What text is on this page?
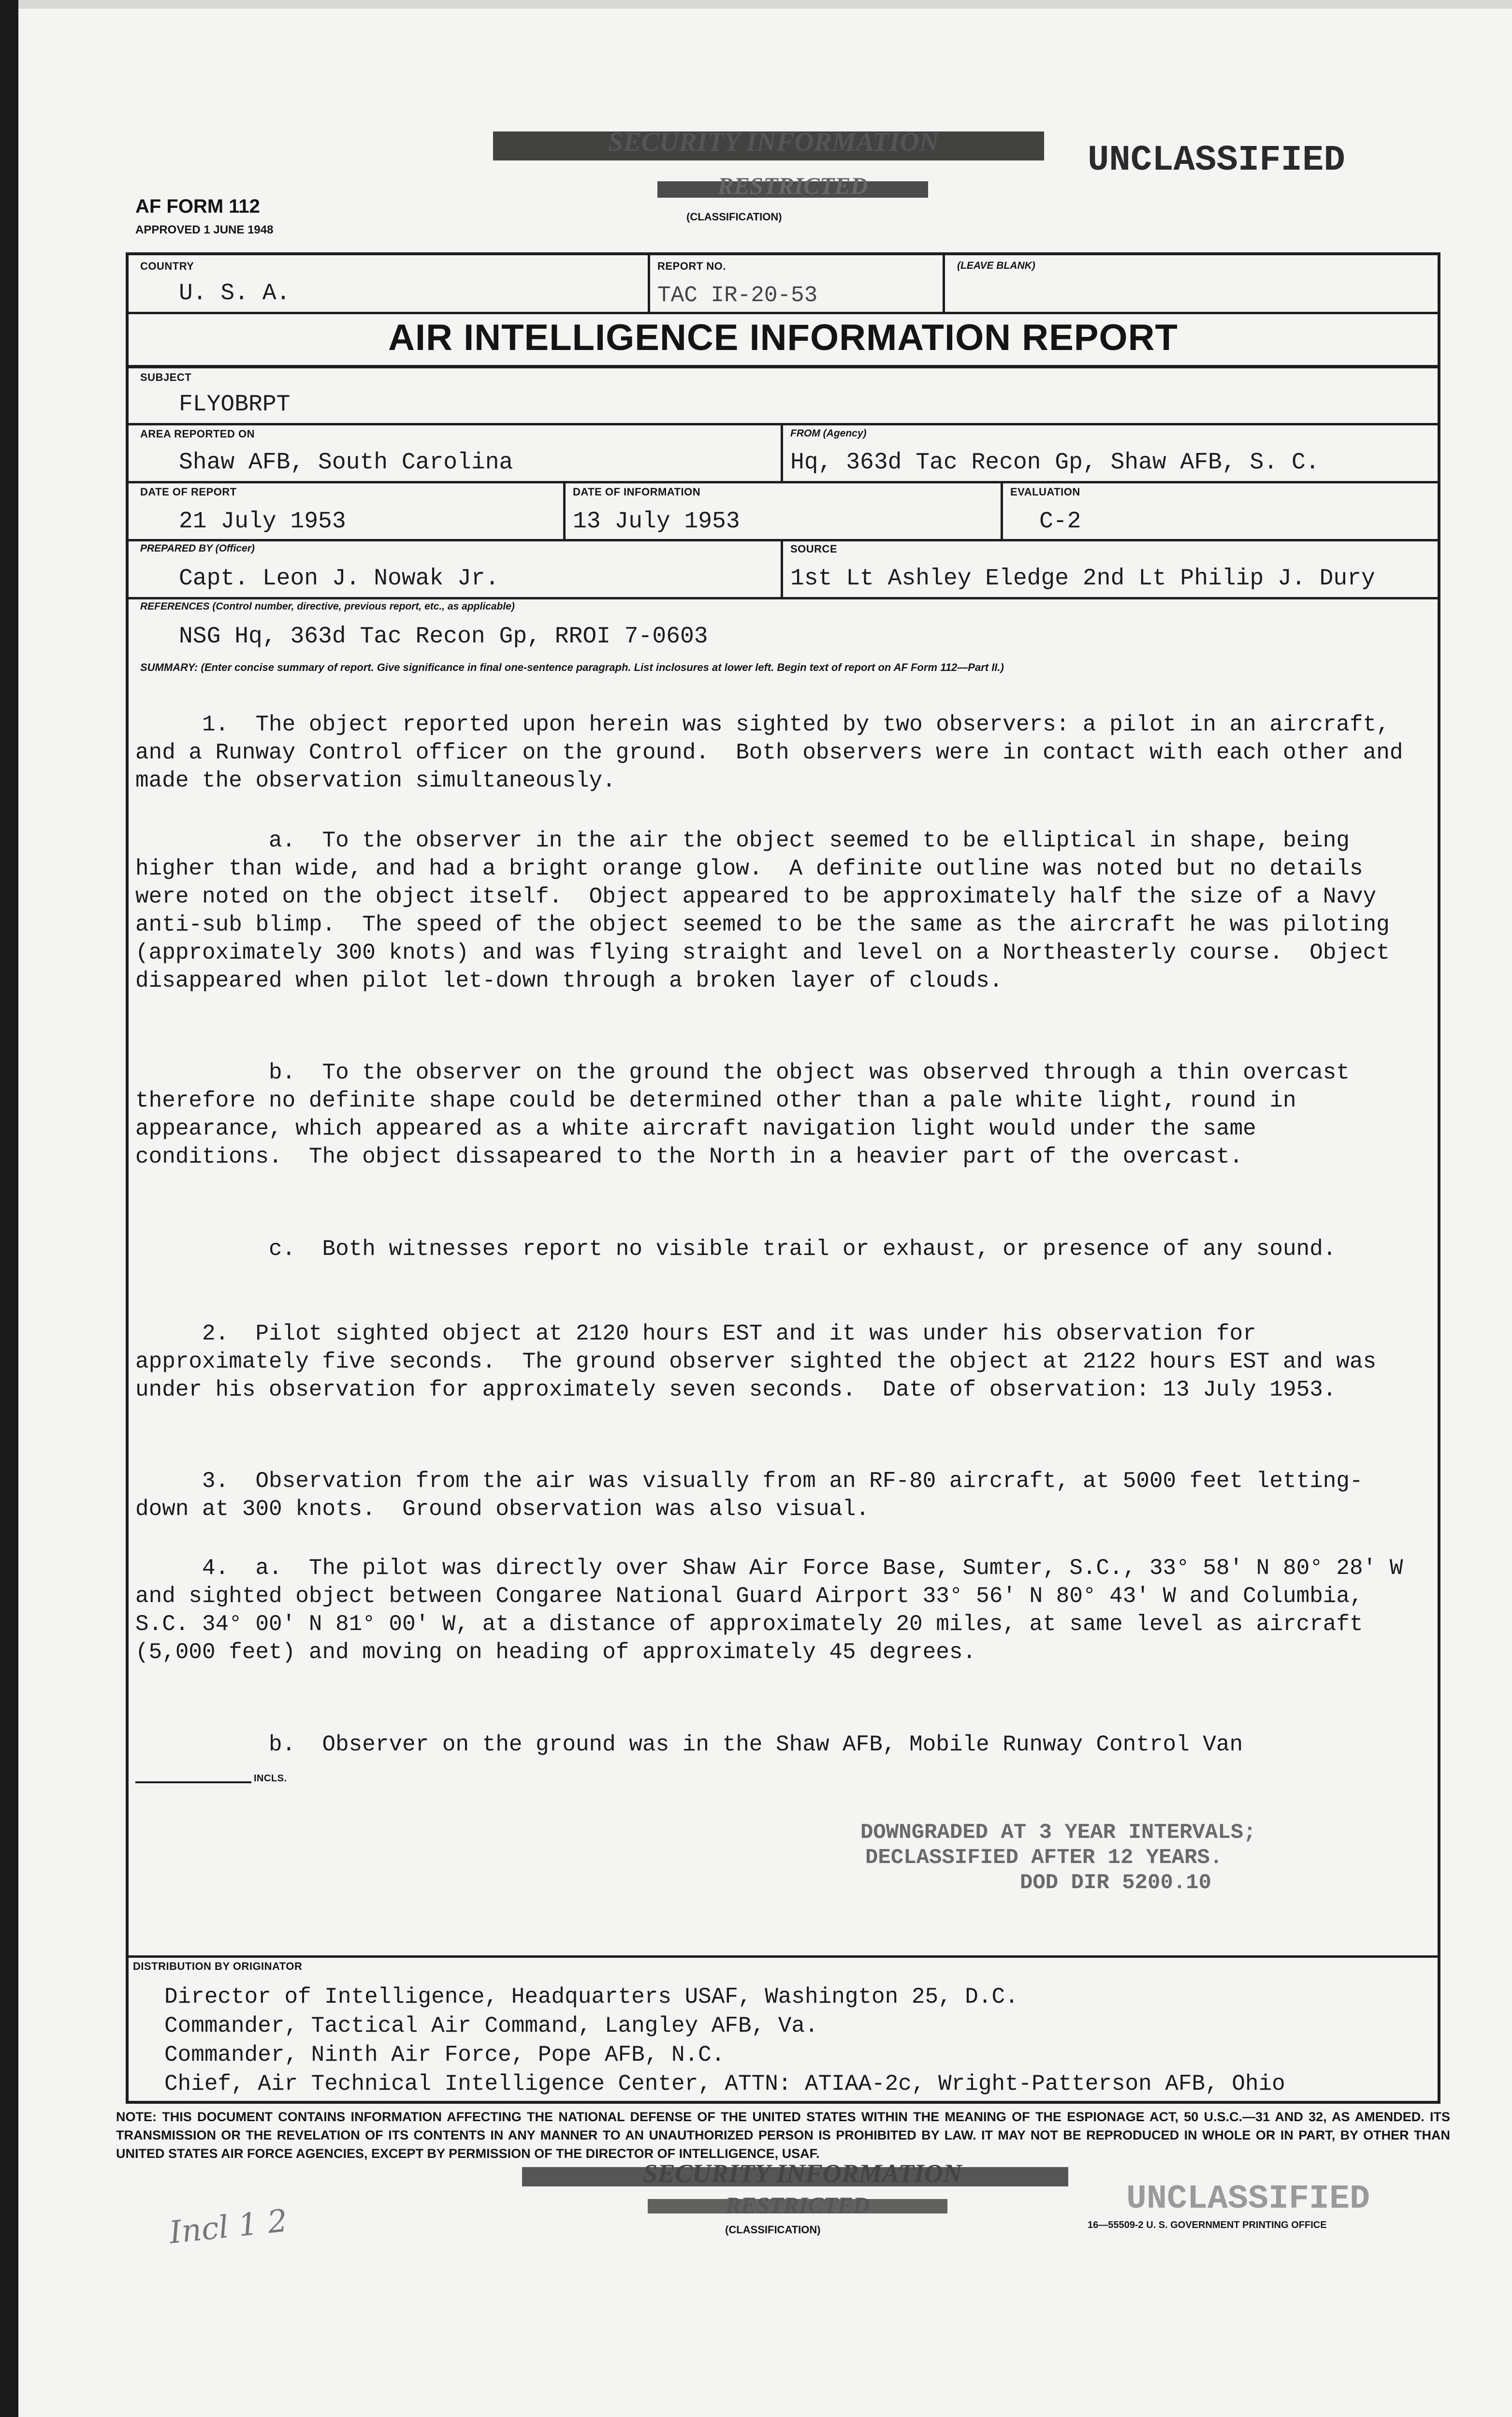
SECURITY INFORMATION
RESTRICTED
(CLASSIFICATION)
UNCLASSIFIED
AF FORM 112
APPROVED 1 JUNE 1948
COUNTRY
U. S. A.
REPORT NO.
TAC IR-20-53
(LEAVE BLANK)
AIR INTELLIGENCE INFORMATION REPORT
SUBJECT
FLYOBRPT
AREA REPORTED ON
Shaw AFB, South Carolina
FROM (Agency)
Hq, 363d Tac Recon Gp, Shaw AFB, S. C.
DATE OF REPORT
21 July 1953
DATE OF INFORMATION
13 July 1953
EVALUATION
C-2
PREPARED BY (Officer)
Capt. Leon J. Nowak Jr.
SOURCE
1st Lt Ashley Eledge 2nd Lt Philip J. Dury
REFERENCES (Control number, directive, previous report, etc., as applicable)
NSG Hq, 363d Tac Recon Gp, RROI 7-0603
SUMMARY: (Enter concise summary of report. Give significance in final one-sentence paragraph. List inclosures at lower left. Begin text of report on AF Form 112—Part II.)
1.  The object reported upon herein was sighted by two observers: a pilot in an aircraft, and a Runway Control officer on the ground.  Both observers were in contact with each other and made the observation simultaneously.
a.  To the observer in the air the object seemed to be elliptical in shape, being higher than wide, and had a bright orange glow.  A definite outline was noted but no details were noted on the object itself.  Object appeared to be approximately half the size of a Navy anti-sub blimp.  The speed of the object seemed to be the same as the aircraft he was piloting (approximately 300 knots) and was flying straight and level on a Northeasterly course.  Object disappeared when pilot let-down through a broken layer of clouds.
b.  To the observer on the ground the object was observed through a thin overcast therefore no definite shape could be determined other than a pale white light, round in appearance, which appeared as a white aircraft navigation light would under the same conditions.  The object dissapeared to the North in a heavier part of the overcast.
c.  Both witnesses report no visible trail or exhaust, or presence of any sound.
2.  Pilot sighted object at 2120 hours EST and it was under his observation for approximately five seconds.  The ground observer sighted the object at 2122 hours EST and was under his observation for approximately seven seconds.  Date of observation: 13 July 1953.
3.  Observation from the air was visually from an RF-80 aircraft, at 5000 feet letting-down at 300 knots.  Ground observation was also visual.
4.  a.  The pilot was directly over Shaw Air Force Base, Sumter, S.C., 33° 58' N 80° 28' W and sighted object between Congaree National Guard Airport 33° 56' N 80° 43' W and Columbia, S.C. 34° 00' N 81° 00' W, at a distance of approximately 20 miles, at same level as aircraft (5,000 feet) and moving on heading of approximately 45 degrees.
b.  Observer on the ground was in the Shaw AFB, Mobile Runway Control Van
INCLS.
DOWNGRADED AT 3 YEAR INTERVALS;
DECLASSIFIED AFTER 12 YEARS.
DOD DIR 5200.10
DISTRIBUTION BY ORIGINATOR
Director of Intelligence, Headquarters USAF, Washington 25, D.C.
Commander, Tactical Air Command, Langley AFB, Va.
Commander, Ninth Air Force, Pope AFB, N.C.
Chief, Air Technical Intelligence Center, ATTN: ATIAA-2c, Wright-Patterson AFB, Ohio
NOTE: THIS DOCUMENT CONTAINS INFORMATION AFFECTING THE NATIONAL DEFENSE OF THE UNITED STATES WITHIN THE MEANING OF THE ESPIONAGE ACT, 50 U.S.C.—31 AND 32, AS AMENDED. ITS TRANSMISSION OR THE REVELATION OF ITS CONTENTS IN ANY MANNER TO AN UNAUTHORIZED PERSON IS PROHIBITED BY LAW. IT MAY NOT BE REPRODUCED IN WHOLE OR IN PART, BY OTHER THAN UNITED STATES AIR FORCE AGENCIES, EXCEPT BY PERMISSION OF THE DIRECTOR OF INTELLIGENCE, USAF.
SECURITY INFORMATION
RESTRICTED
(CLASSIFICATION)
UNCLASSIFIED
16—55509-2 U. S. GOVERNMENT PRINTING OFFICE
Incl 1 2
